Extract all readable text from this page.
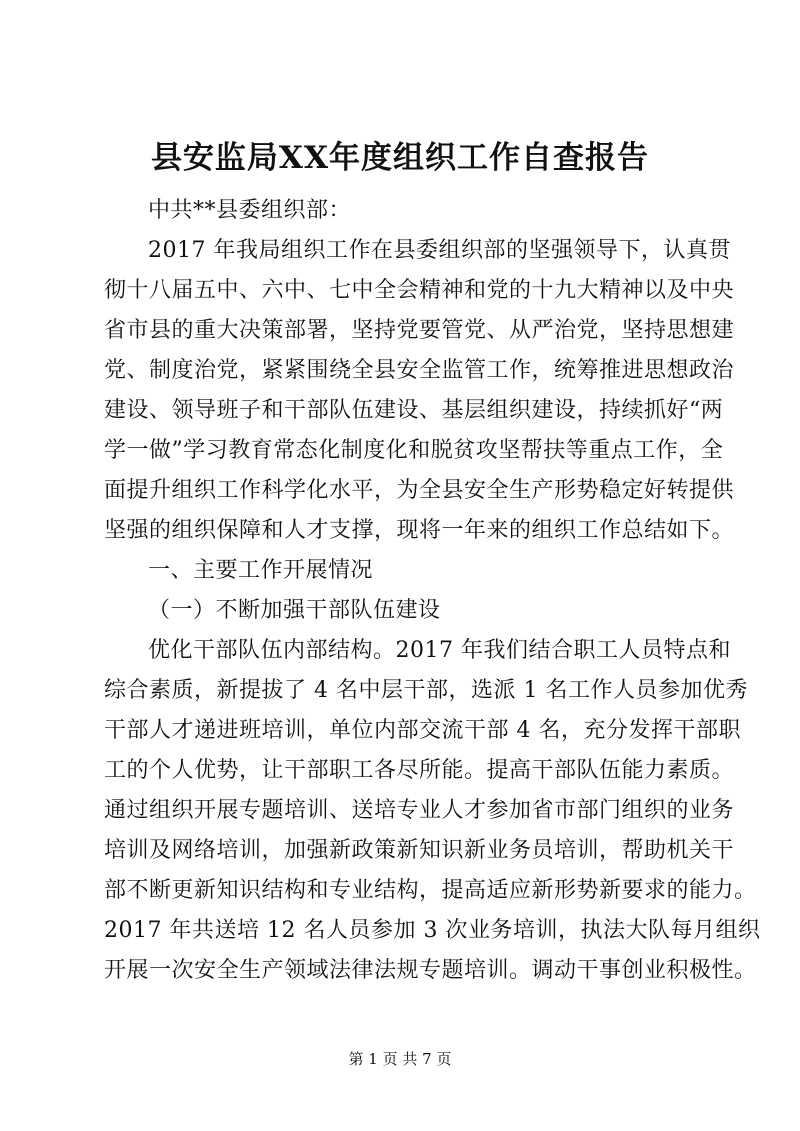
县安监局XX年度组织工作自查报告
中共**县委组织部：
2017 年我局组织工作在县委组织部的坚强领导下，认真贯
彻十八届五中、六中、七中全会精神和党的十九大精神以及中央
省市县的重大决策部署，坚持党要管党、从严治党，坚持思想建
党、制度治党，紧紧围绕全县安全监管工作，统筹推进思想政治
建设、领导班子和干部队伍建设、基层组织建设，持续抓好“两
学一做”学习教育常态化制度化和脱贫攻坚帮扶等重点工作，全
面提升组织工作科学化水平，为全县安全生产形势稳定好转提供
坚强的组织保障和人才支撑，现将一年来的组织工作总结如下。
一、主要工作开展情况
（一）不断加强干部队伍建设
优化干部队伍内部结构。2017 年我们结合职工人员特点和
综合素质，新提拔了 4 名中层干部，选派 1 名工作人员参加优秀
干部人才递进班培训，单位内部交流干部 4 名，充分发挥干部职
工的个人优势，让干部职工各尽所能。提高干部队伍能力素质。
通过组织开展专题培训、送培专业人才参加省市部门组织的业务
培训及网络培训，加强新政策新知识新业务员培训，帮助机关干
部不断更新知识结构和专业结构，提高适应新形势新要求的能力。
2017 年共送培 12 名人员参加 3 次业务培训，执法大队每月组织
开展一次安全生产领域法律法规专题培训。调动干事创业积极性。
第 1 页 共 7 页
